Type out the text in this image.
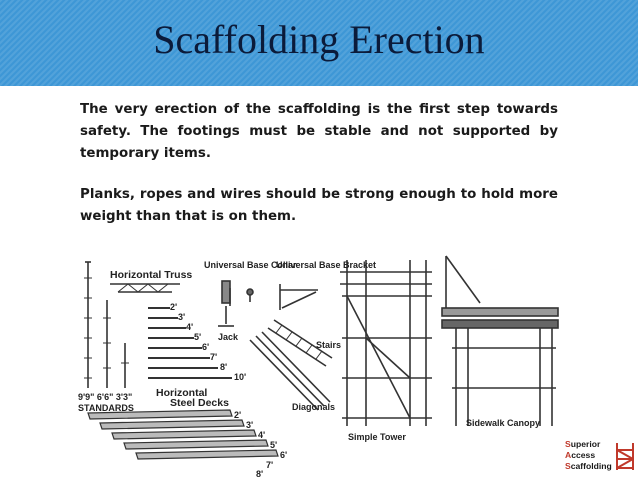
Scaffolding Erection

The very erection of the scaffolding is the first step towards safety. The footings must be stable and not supported by temporary items.

Planks, ropes and wires should be strong enough to hold more weight than that is on them.

Horizontal Truss
Universal Base Collar
Universal Base Bracket
Jack
Horizontal
Stairs
Diagonals
Steel Decks
9'9" 6'6" 3'3"
STANDARDS
Simple Tower
Sidewalk Canopy
2'
3'
4'
5'
6'
7'
8'
10'
2'
3'
4'
5'
6'
7'
8'
Superior
Access
Scaffolding
